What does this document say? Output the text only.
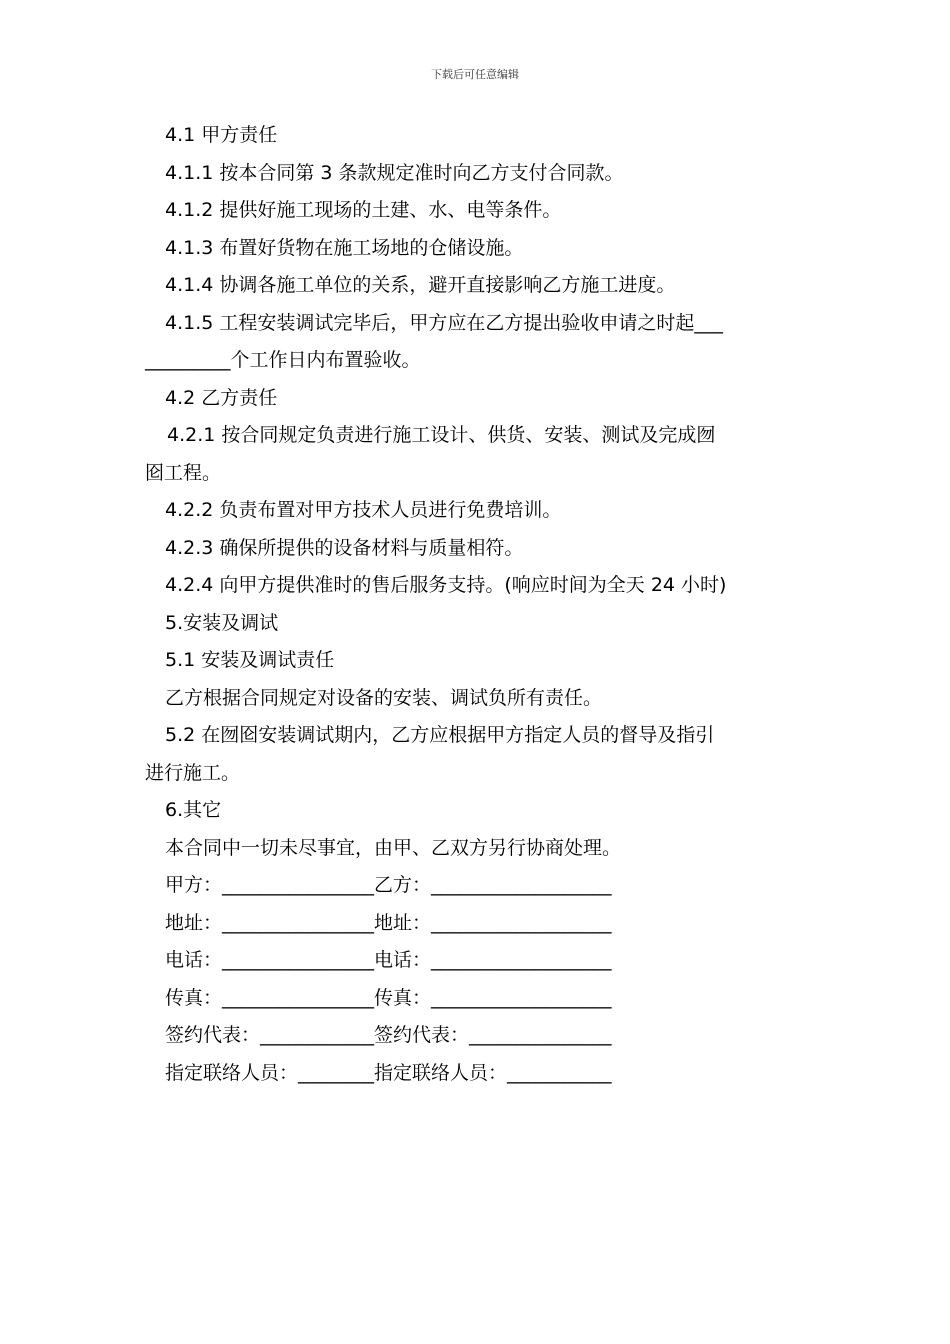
下载后可任意编辑
4.1 甲方责任
4.1.1 按本合同第 3 条款规定准时向乙方支付合同款。
4.1.2 提供好施工现场的土建、水、电等条件。
4.1.3 布置好货物在施工场地的仓储设施。
4.1.4 协调各施工单位的关系，避开直接影响乙方施工进度。
4.1.5 工程安装调试完毕后，甲方应在乙方提出验收申请之时起___
_________个工作日内布置验收。
4.2 乙方责任
4.2.1 按合同规定负责进行施工设计、供货、安装、测试及完成囫
囵工程。
4.2.2 负责布置对甲方技术人员进行免费培训。
4.2.3 确保所提供的设备材料与质量相符。
4.2.4 向甲方提供准时的售后服务支持。(响应时间为全天 24 小时)
5.安装及调试
5.1 安装及调试责任
乙方根据合同规定对设备的安装、调试负所有责任。
5.2 在囫囵安装调试期内，乙方应根据甲方指定人员的督导及指引
进行施工。
6.其它
本合同中一切未尽事宜，由甲、乙双方另行协商处理。
甲方：________________乙方：___________________
地址：________________地址：___________________
电话：________________电话：___________________
传真：________________传真：___________________
签约代表：____________签约代表：_______________
指定联络人员：________指定联络人员：___________
